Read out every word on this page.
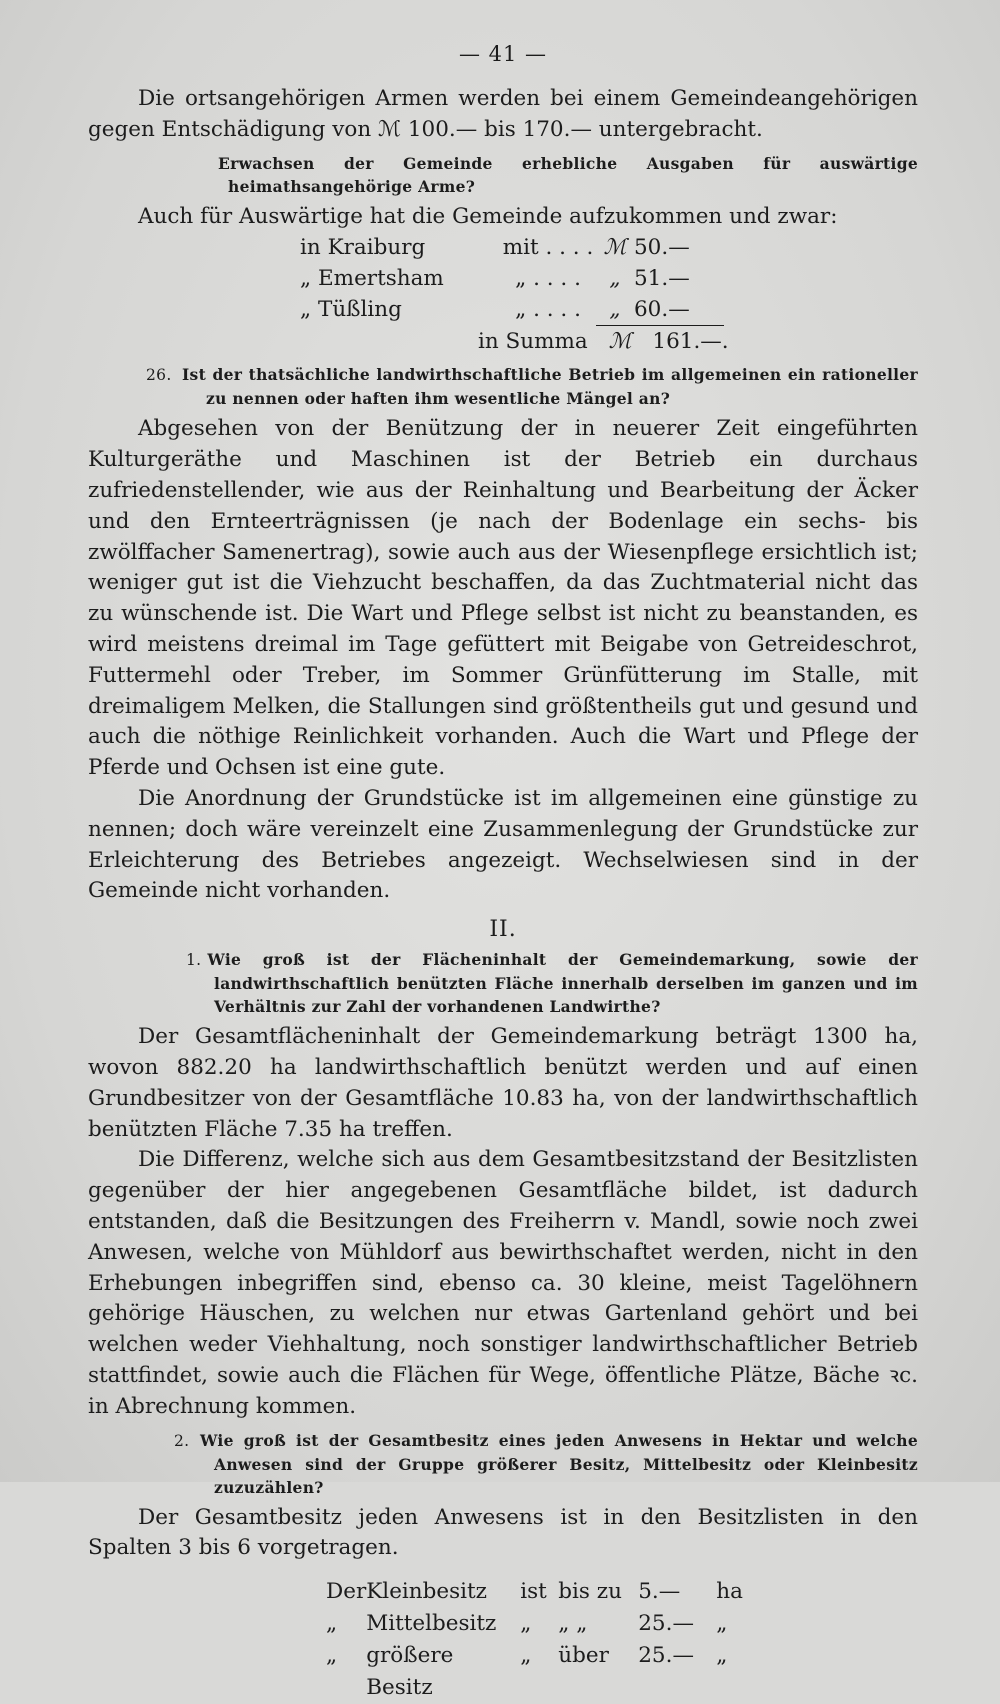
— 41 —

Die ortsangehörigen Armen werden bei einem Gemeindeangehörigen gegen Entschädigung von ℳ 100.— bis 170.— untergebracht.

Erwachsen der Gemeinde erhebliche Ausgaben für auswärtige heimathsangehörige Arme?

Auch für Auswärtige hat die Gemeinde aufzukommen und zwar:

in Kraiburg	mit . . . .	ℳ	50.—
„ Emertsham	„ . . . .	„	51.—
„ Tüßling	„ . . . .	„	60.—
in Summa ℳ 161.—.

26. Ist der thatsächliche landwirthschaftliche Betrieb im allgemeinen ein rationeller zu nennen oder haften ihm wesentliche Mängel an?

Abgesehen von der Benützung der in neuerer Zeit eingeführten Kulturgeräthe und Maschinen ist der Betrieb ein durchaus zufriedenstellender, wie aus der Reinhaltung und Bearbeitung der Äcker und den Ernteerträgnissen (je nach der Bodenlage ein sechs- bis zwölffacher Samenertrag), sowie auch aus der Wiesenpflege ersichtlich ist; weniger gut ist die Viehzucht beschaffen, da das Zuchtmaterial nicht das zu wünschende ist. Die Wart und Pflege selbst ist nicht zu beanstanden, es wird meistens dreimal im Tage gefüttert mit Beigabe von Getreideschrot, Futtermehl oder Treber, im Sommer Grünfütterung im Stalle, mit dreimaligem Melken, die Stallungen sind größtentheils gut und gesund und auch die nöthige Reinlichkeit vorhanden. Auch die Wart und Pflege der Pferde und Ochsen ist eine gute.

Die Anordnung der Grundstücke ist im allgemeinen eine günstige zu nennen; doch wäre vereinzelt eine Zusammenlegung der Grundstücke zur Erleichterung des Betriebes angezeigt. Wechselwiesen sind in der Gemeinde nicht vorhanden.

II.

1. Wie groß ist der Flächeninhalt der Gemeindemarkung, sowie der landwirthschaftlich benützten Fläche innerhalb derselben im ganzen und im Verhältnis zur Zahl der vorhandenen Landwirthe?

Der Gesamtflächeninhalt der Gemeindemarkung beträgt 1300 ha, wovon 882.20 ha landwirthschaftlich benützt werden und auf einen Grundbesitzer von der Gesamtfläche 10.83 ha, von der landwirthschaftlich benützten Fläche 7.35 ha treffen.

Die Differenz, welche sich aus dem Gesamtbesitzstand der Besitzlisten gegenüber der hier angegebenen Gesamtfläche bildet, ist dadurch entstanden, daß die Besitzungen des Freiherrn v. Mandl, sowie noch zwei Anwesen, welche von Mühldorf aus bewirthschaftet werden, nicht in den Erhebungen inbegriffen sind, ebenso ca. 30 kleine, meist Tagelöhnern gehörige Häuschen, zu welchen nur etwas Gartenland gehört und bei welchen weder Viehhaltung, noch sonstiger landwirthschaftlicher Betrieb stattfindet, sowie auch die Flächen für Wege, öffentliche Plätze, Bäche ꝛc. in Abrechnung kommen.

2. Wie groß ist der Gesamtbesitz eines jeden Anwesens in Hektar und welche Anwesen sind der Gruppe größerer Besitz, Mittelbesitz oder Kleinbesitz zuzuzählen?

Der Gesamtbesitz jeden Anwesens ist in den Besitzlisten in den Spalten 3 bis 6 vorgetragen.

Der	Kleinbesitz	ist	bis zu	5.—	ha
„	Mittelbesitz	„	„ „	25.—	„
„	größere Besitz	„	über	25.—	„
